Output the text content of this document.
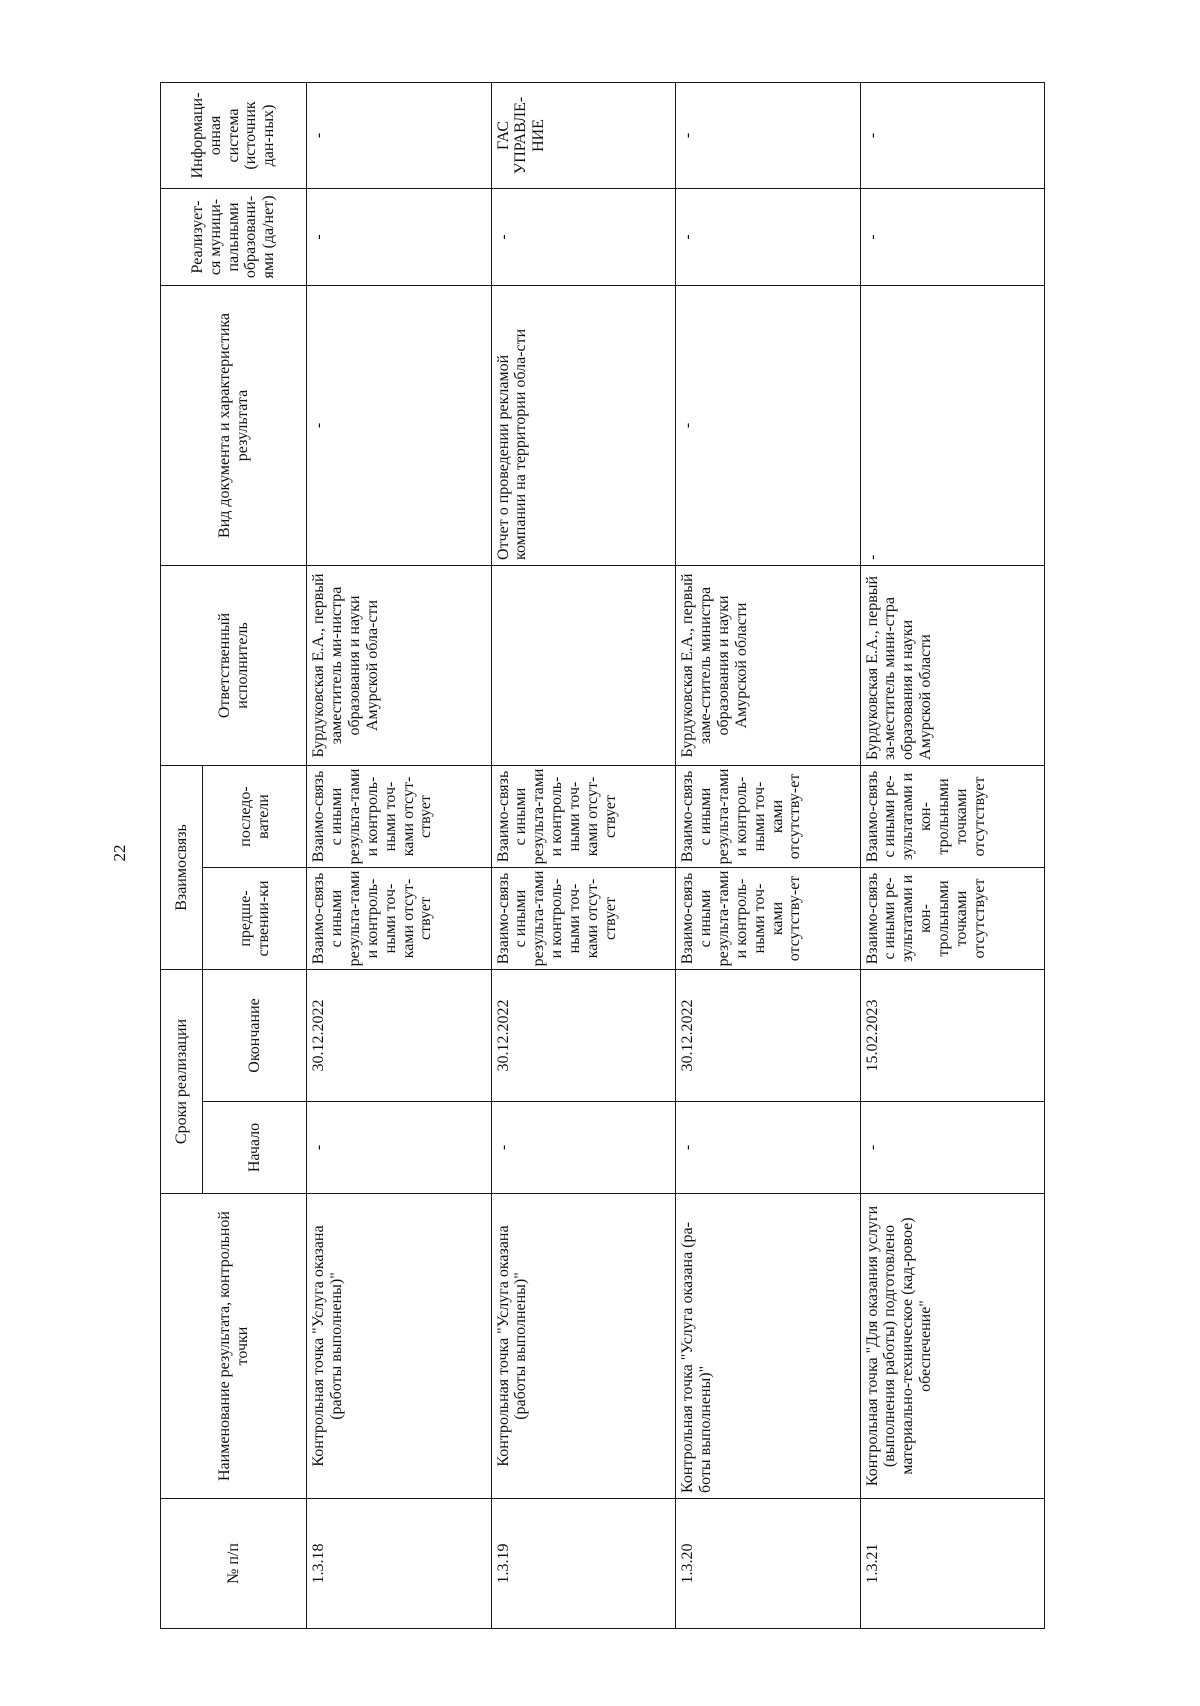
22
№ п/п	Наименование результата, контрольной точки	Сроки реализации		Взаимосвязь		Ответственный исполнитель	Вид документа и характеристика результата	Реализует-ся муници-пальными образовани-ями (да/нет)	Информаци-онная система (источник дан-ных)
		Начало	Окончание	предше-ствении-ки	последо-ватели				
1.3.18	Контрольная точка "Услуга оказана (работы выполнены)"	-	30.12.2022	Взаимо-связь с иными результа-тами и контроль-ными точ-ками отсут-ствует	Взаимо-связь с иными результа-тами и контроль-ными точ-ками отсут-ствует	Бурдуковская Е.А., первый заместитель ми-нистра образования и науки Амурской обла-сти	-	-	-
1.3.19	Контрольная точка "Услуга оказана (работы выполнены)"	-	30.12.2022	Взаимо-связь с иными результа-тами и контроль-ными точ-ками отсут-ствует	Взаимо-связь с иными результа-тами и контроль-ными точ-ками отсут-ствует		Отчет о проведении рекламой компании на территории обла-сти	-	ГАС УПРАВЛЕ-НИЕ
1.3.20	Контрольная точка "Услуга оказана (ра-боты выполнены)"	-	30.12.2022	Взаимо-связь с иными результа-тами и контроль-ными точ-ками отсутству-ет	Взаимо-связь с иными результа-тами и контроль-ными точ-ками отсутству-ет	Бурдуковская Е.А., первый заме-ститель министра образования и науки Амурской области	-	-	-
1.3.21	Контрольная точка "Для оказания услуги (выполнения работы) подготовлено материально-техническое (кад-ровое) обеспечение"	-	15.02.2023	Взаимо-связь с иными ре-зультатами и кон-трольными точками отсутствует	Взаимо-связь с иными ре-зультатами и кон-трольными точками отсутствует	Бурдуковская Е.А., первый за-меститель мини-стра образования и науки Амурской области	-	-	-
